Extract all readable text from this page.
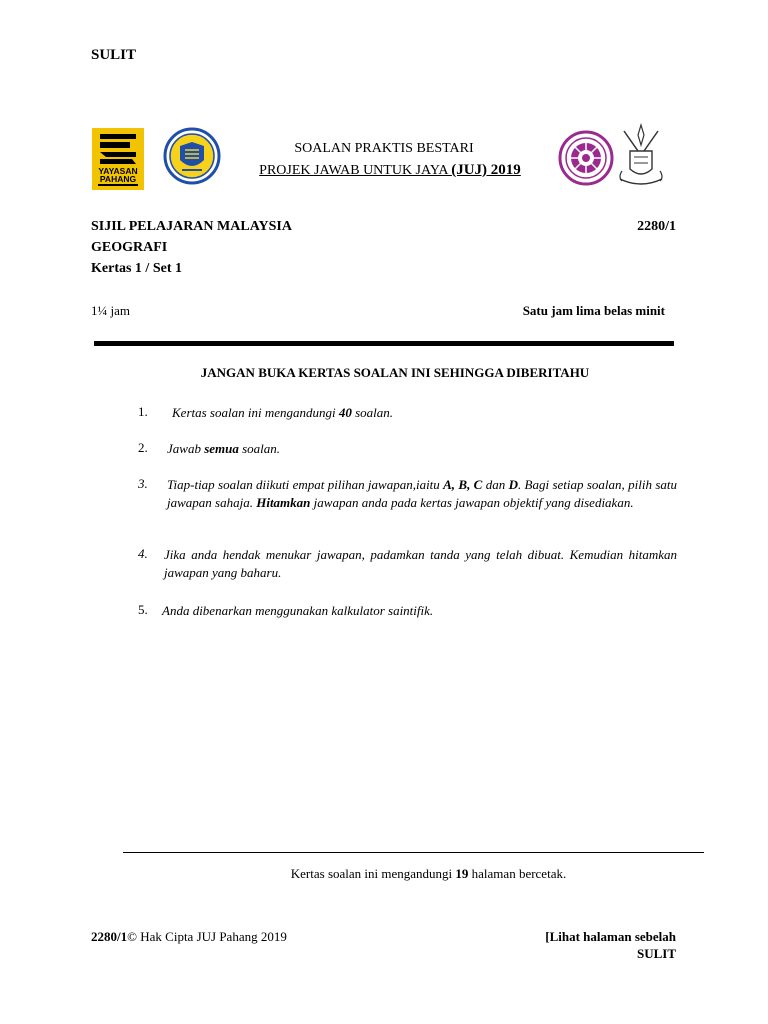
SULIT
YAYASAN
PAHANG
SOALAN PRAKTIS BESTARI
PROJEK JAWAB UNTUK JAYA (JUJ) 2019
SIJIL PELAJARAN MALAYSIA	2280/1
GEOGRAFI
Kertas 1 / Set 1
1¼ jam	Satu jam lima belas minit
JANGAN BUKA KERTAS SOALAN INI SEHINGGA DIBERITAHU
1. Kertas soalan ini mengandungi 40 soalan.
2. Jawab semua soalan.
3. Tiap-tiap soalan diikuti empat pilihan jawapan,iaitu A, B, C dan D. Bagi setiap soalan, pilih satu jawapan sahaja. Hitamkan jawapan anda pada kertas jawapan objektif yang disediakan.
4. Jika anda hendak menukar jawapan, padamkan tanda yang telah dibuat. Kemudian hitamkan jawapan yang baharu.
5. Anda dibenarkan menggunakan kalkulator saintifik.
Kertas soalan ini mengandungi 19 halaman bercetak.
2280/1© Hak Cipta JUJ Pahang 2019	[Lihat halaman sebelah
SULIT
